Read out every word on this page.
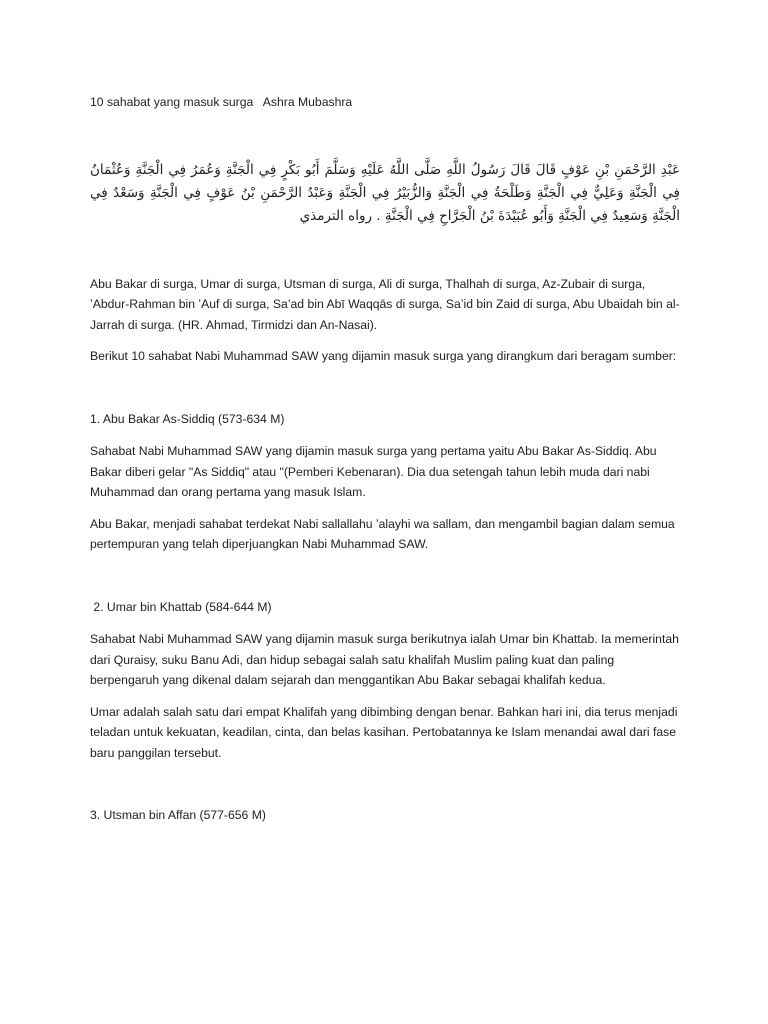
10 sahabat yang masuk surga   Ashra Mubashra
عَبْدِ الرَّحْمَنِ بْنِ عَوْفٍ قَالَ قَالَ رَسُولُ اللَّهِ صَلَّى اللَّهُ عَلَيْهِ وَسَلَّمَ أَبُو بَكْرٍ فِي الْجَنَّةِ وَعُمَرُ فِي الْجَنَّةِ وَعُثْمَانُ فِي الْجَنَّةِ وَعَلِيٌّ فِي الْجَنَّةِ وَطَلْحَةُ فِي الْجَنَّةِ وَالزُّبَيْرُ فِي الْجَنَّةِ وَعَبْدُ الرَّحْمَنِ بْنُ عَوْفٍ فِي الْجَنَّةِ وَسَعْدٌ فِي الْجَنَّةِ وَسَعِيدٌ فِي الْجَنَّةِ وَأَبُو عُبَيْدَةَ بْنُ الْجَرَّاحِ فِي الْجَنَّةِ . رواه الترمذي

Abu Bakar di surga, Umar di surga, Utsman di surga, Ali di surga, Thalhah di surga, Az-Zubair di surga, ʼAbdur-Rahman bin ʼAuf di surga, Sa’ad bin Abī Waqqās di surga, Sa’id bin Zaid di surga, Abu Ubaidah bin al-Jarrah di surga. (HR. Ahmad, Tirmidzi dan An-Nasai).

Berikut 10 sahabat Nabi Muhammad SAW yang dijamin masuk surga yang dirangkum dari beragam sumber:

1. Abu Bakar As-Siddiq (573-634 M)

Sahabat Nabi Muhammad SAW yang dijamin masuk surga yang pertama yaitu Abu Bakar As-Siddiq. Abu Bakar diberi gelar "As Siddiq" atau "(Pemberi Kebenaran). Dia dua setengah tahun lebih muda dari nabi Muhammad dan orang pertama yang masuk Islam.

Abu Bakar, menjadi sahabat terdekat Nabi sallallahu ʼalayhi wa sallam, dan mengambil bagian dalam semua pertempuran yang telah diperjuangkan Nabi Muhammad SAW.

2. Umar bin Khattab (584-644 M)

Sahabat Nabi Muhammad SAW yang dijamin masuk surga berikutnya ialah Umar bin Khattab. Ia memerintah dari Quraisy, suku Banu Adi, dan hidup sebagai salah satu khalifah Muslim paling kuat dan paling berpengaruh yang dikenal dalam sejarah dan menggantikan Abu Bakar sebagai khalifah kedua.

Umar adalah salah satu dari empat Khalifah yang dibimbing dengan benar. Bahkan hari ini, dia terus menjadi teladan untuk kekuatan, keadilan, cinta, dan belas kasihan. Pertobatannya ke Islam menandai awal dari fase baru panggilan tersebut.

3. Utsman bin Affan (577-656 M)
